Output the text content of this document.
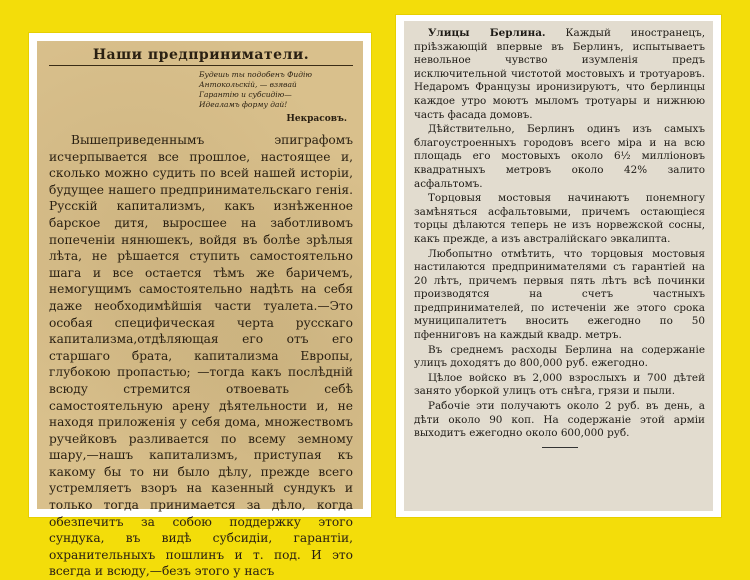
Наши предприниматели.
Будешь ты подобенъ Фидію
Антокольскій, — взявай
Гарантію и субсидію—
Идеаламъ форму дай!
Некрасовъ.

Вышеприведеннымъ эпиграфомъ исчерпывается все прошлое, настоящее и, сколько можно судить по всей нашей исторіи, будущее нашего предпринимательскаго генія. Русскій капитализмъ, какъ изнѣженное барское дитя, выросшее на заботливомъ попеченіи нянюшекъ, войдя въ болѣе зрѣлыя лѣта, не рѣшается ступить самостоятельно шага и все остается тѣмъ же баричемъ, немогущимъ самостоятельно надѣть на себя даже необходимѣйшія части туалета.—Это особая специфическая черта русскаго капитализма,отдѣляющая его отъ его старшаго брата, капитализма Европы, глубокою пропастью; —тогда какъ послѣдній всюду стремится отвоевать себѣ самостоятельную арену дѣятельности и, не находя приложенія у себя дома, множествомъ ручейковъ разливается по всему земному шару,—нашъ капитализмъ, приступая къ какому бы то ни было дѣлу, прежде всего устремляетъ взоръ на казенный сундукъ и только тогда принимается за дѣло, когда обезпечитъ за собою поддержку этого сундука, въ видѣ субсидіи, гарантіи, охранительныхъ пошлинъ и т. под. И это всегда и всюду,—безъ этого у насъ

Улицы Берлина. Каждый иностранецъ, пріѣзжающій впервые въ Берлинъ, испытываетъ невольное чувство изумленія предъ исключительной чистотой мостовыхъ и тротуаровъ. Недаромъ Французы иронизируютъ, что берлинцы каждое утро моютъ мыломъ тротуары и нижнюю часть фасада домовъ.

Дѣйствительно, Берлинъ одинъ изъ самыхъ благоустроенныхъ городовъ всего міра и на всю площадь его мостовыхъ около 6½ милліоновъ квадратныхъ метровъ около 42% залито асфальтомъ.

Торцовыя мостовыя начинаютъ понемногу замѣняться асфальтовыми, причемъ остающіеся торцы дѣлаются теперь не изъ норвежской сосны, какъ прежде, а изъ австралійскаго эвкалипта.

Любопытно отмѣтить, что торцовыя мостовыя настилаются предпринимателями съ гарантіей на 20 лѣтъ, причемъ первыя пять лѣтъ всѣ починки производятся на счетъ частныхъ предпринимателей, по истеченіи же этого срока муниципалитетъ вносить ежегодно по 50 пфенниговъ на каждый квадр. метръ.

Въ среднемъ расходы Берлина на содержаніе улицъ доходятъ до 800,000 руб. ежегодно.

Цѣлое войско въ 2,000 взрослыхъ и 700 дѣтей занято уборкой улицъ отъ снѣга, грязи и пыли.

Рабочіе эти получаютъ около 2 руб. въ день, а дѣти около 90 коп. На содержаніе этой арміи выходитъ ежегодно около 600,000 руб.
